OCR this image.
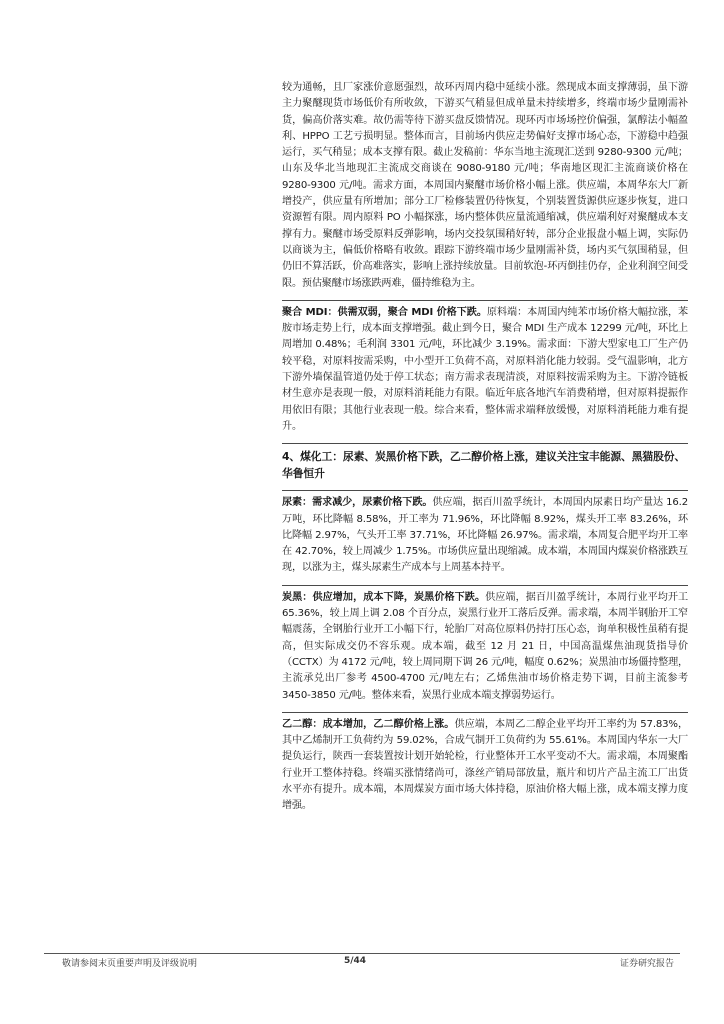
较为通畅，且厂家涨价意愿强烈，故环丙周内稳中延续小涨。然现成本面支撑薄弱，虽下游主力聚醚现货市场低价有所收敛，下游买气稍显但成单量未持续增多，终端市场少量刚需补货，偏高价落实难。故仍需等待下游买盘反馈情况。现环丙市场场控价偏强，氯醇法小幅盈利、HPPO 工艺亏损明显。整体而言，目前场内供应走势偏好支撑市场心态，下游稳中趋强运行，买气稍显；成本支撑有限。截止发稿前：华东当地主流现汇送到 9280-9300 元/吨；山东及华北当地现汇主流成交商谈在 9080-9180 元/吨；华南地区现汇主流商谈价格在 9280-9300 元/吨。需求方面，本周国内聚醚市场价格小幅上涨。供应端，本周华东大厂新增投产，供应量有所增加；部分工厂检修装置仍待恢复，个别装置货源供应逐步恢复，进口资源暂有限。周内原料 PO 小幅探涨，场内整体供应量流通缩减，供应端利好对聚醚成本支撑有力。聚醚市场受原料反弹影响，场内交投氛围稍好转，部分企业报盘小幅上调，实际仍以商谈为主，偏低价格略有收敛。跟踪下游终端市场少量刚需补货，场内买气氛围稍显，但仍旧不算活跃，价高难落实，影响上涨持续放量。目前软泡-环丙倒挂仍存，企业利润空间受限。预估聚醚市场涨跌两难，僵持维稳为主。

聚合 MDI：供需双弱，聚合 MDI 价格下跌。原料端：本周国内纯苯市场价格大幅拉涨，苯胺市场走势上行，成本面支撑增强。截止到今日，聚合 MDI 生产成本 12299 元/吨，环比上周增加 0.48%；毛利润 3301 元/吨，环比减少 3.19%。需求面：下游大型家电工厂生产仍较平稳，对原料按需采购，中小型开工负荷不高，对原料消化能力较弱。受气温影响，北方下游外墙保温管道仍处于停工状态；南方需求表现清淡，对原料按需采购为主。下游冷链板材生意亦是表现一般，对原料消耗能力有限。临近年底各地汽车消费稍增，但对原料提振作用依旧有限；其他行业表现一般。综合来看，整体需求端释放缓慢，对原料消耗能力难有提升。

4、煤化工：尿素、炭黑价格下跌，乙二醇价格上涨，建议关注宝丰能源、黑猫股份、华鲁恒升

尿素：需求减少，尿素价格下跌。供应端，据百川盈孚统计，本周国内尿素日均产量达 16.2 万吨，环比降幅 8.58%，开工率为 71.96%，环比降幅 8.92%，煤头开工率 83.26%，环比降幅 2.97%，气头开工率 37.71%，环比降幅 26.97%。需求端，本周复合肥平均开工率在 42.70%，较上周减少 1.75%。市场供应量出现缩减。成本端，本周国内煤炭价格涨跌互现，以涨为主，煤头尿素生产成本与上周基本持平。

炭黑：供应增加，成本下降，炭黑价格下跌。供应端，据百川盈孚统计，本周行业平均开工 65.36%，较上周上调 2.08 个百分点，炭黑行业开工落后反弹。需求端，本周半钢胎开工窄幅震荡，全钢胎行业开工小幅下行，轮胎厂对高位原料仍持打压心态，询单积极性虽稍有提高，但实际成交仍不容乐观。成本端，截至 12 月 21 日，中国高温煤焦油现货指导价（CCTX）为 4172 元/吨，较上周同期下调 26 元/吨，幅度 0.62%；炭黑油市场僵持整理，主流承兑出厂参考 4500-4700 元/吨左右；乙烯焦油市场价格走势下调，目前主流参考 3450-3850 元/吨。整体来看，炭黑行业成本端支撑弱势运行。

乙二醇：成本增加，乙二醇价格上涨。供应端，本周乙二醇企业平均开工率约为 57.83%，其中乙烯制开工负荷约为 59.02%，合成气制开工负荷约为 55.61%。本周国内华东一大厂提负运行，陕西一套装置按计划开始轮检，行业整体开工水平变动不大。需求端，本周聚酯行业开工整体持稳。终端买涨情绪尚可，涤丝产销局部放量，瓶片和切片产品主流工厂出货水平亦有提升。成本端，本周煤炭方面市场大体持稳，原油价格大幅上涨，成本端支撑力度增强。

敬请参阅末页重要声明及评级说明	5/44	证券研究报告
